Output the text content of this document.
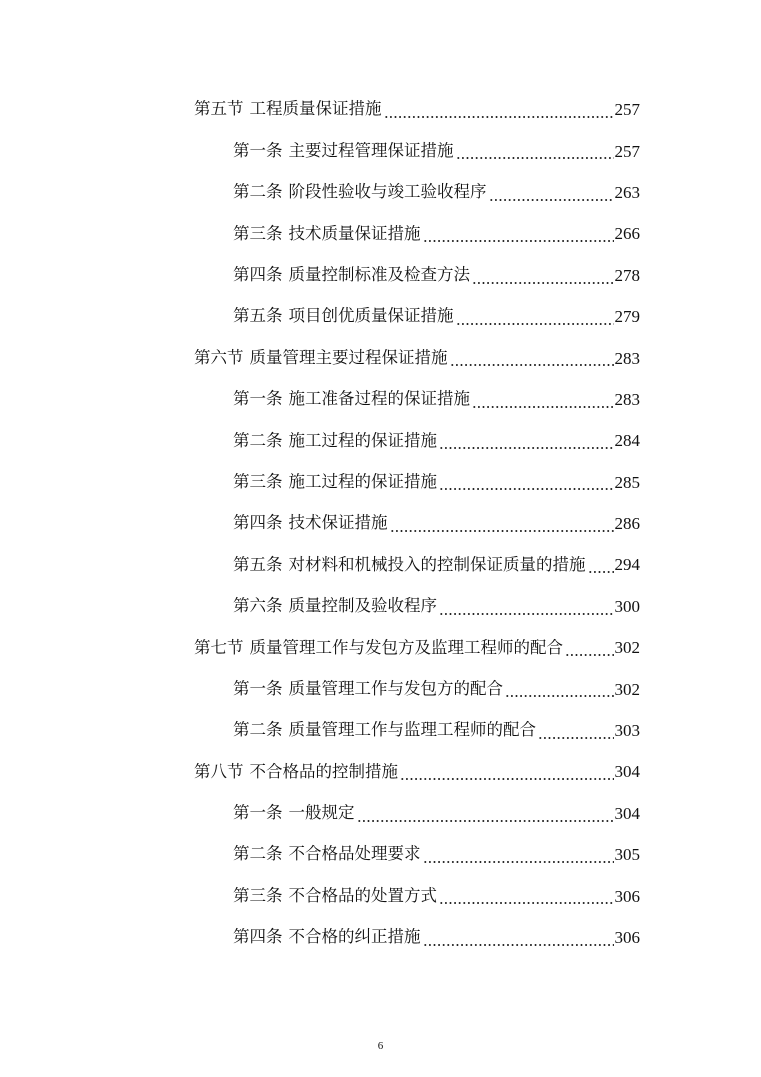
第五节 工程质量保证措施	257
第一条 主要过程管理保证措施	257
第二条 阶段性验收与竣工验收程序	263
第三条 技术质量保证措施	266
第四条 质量控制标准及检查方法	278
第五条 项目创优质量保证措施	279
第六节 质量管理主要过程保证措施	283
第一条 施工准备过程的保证措施	283
第二条 施工过程的保证措施	284
第三条 施工过程的保证措施	285
第四条 技术保证措施	286
第五条 对材料和机械投入的控制保证质量的措施 294
第六条 质量控制及验收程序	300
第七节 质量管理工作与发包方及监理工程师的配合	302
第一条 质量管理工作与发包方的配合	302
第二条 质量管理工作与监理工程师的配合	303
第八节 不合格品的控制措施	304
第一条 一般规定	304
第二条 不合格品处理要求	305
第三条 不合格品的处置方式	306
第四条 不合格的纠正措施	306
6
